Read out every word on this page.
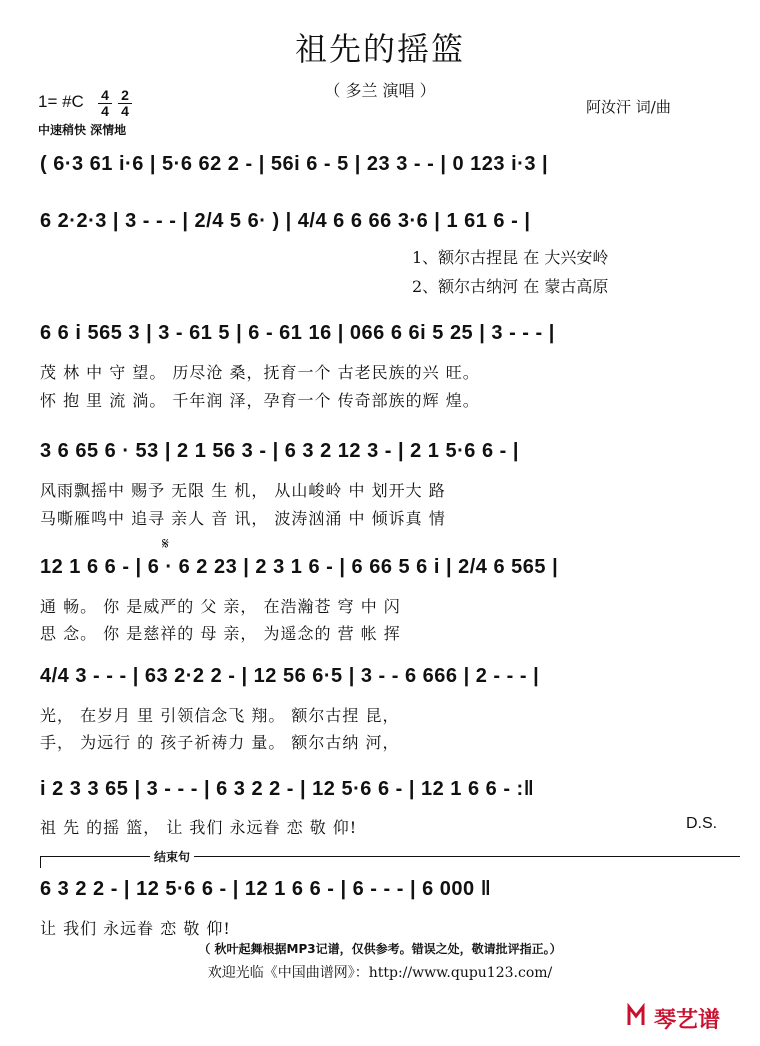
祖先的摇篮
（ 多兰 演唱 ）
1= #C 4
4
2
4
中速稍快 深情地
阿汝汗 词/曲
( 6·3 61 i·6 | 5·6 62 2 - | 56i 6 - 5 | 23 3 - - | 0 123 i·3 |
6 2·2·3 | 3 - - - | 2/4 5 6· ) | 4/4 6 6 66 3·6 | 1 61 6 - |
1、额尔古捏昆 在 大兴安岭
2、额尔古纳河 在 蒙古高原
6 6 i 565 3 | 3 - 61 5 | 6 - 61 16 | 066 6 6i 5 25 | 3 - - - |
茂 林 中 守 望。 历尽沧 桑，抚育一个 古老民族的兴 旺。
怀 抱 里 流 淌。 千年润 泽，孕育一个 传奇部族的辉 煌。
3 6 65 6 · 53 | 2 1 56 3 - | 6 3 2 12 3 - | 2 1 5·6 6 - |
风雨飘摇中 赐予 无限 生 机， 从山峻岭 中 划开大 路
马嘶雁鸣中 追寻 亲人 音 讯， 波涛汹涌 中 倾诉真 情
𝄋
12 1 6 6 - | 6 · 6 2 23 | 2 3 1 6 - | 6 66 5 6 i | 2/4 6 565 |
通 畅。 你 是威严的 父 亲， 在浩瀚苍 穹 中 闪
思 念。 你 是慈祥的 母 亲， 为遥念的 营 帐 挥
4/4 3 - - - | 63 2·2 2 - | 12 56 6·5 | 3 - - 6 666 | 2 - - - |
光， 在岁月 里 引领信念飞 翔。 额尔古捏 昆，
手， 为远行 的 孩子祈祷力 量。 额尔古纳 河，
i 2 3 3 65 | 3 - - - | 6 3 2 2 - | 12 5·6 6 - | 12 1 6 6 - :‖
祖 先 的摇 篮， 让 我们 永远眷 恋 敬 仰!	D.S.
结束句
6 3 2 2 - | 12 5·6 6 - | 12 1 6 6 - | 6 - - - | 6 000 ‖
让 我们 永远眷 恋 敬 仰!
（ 秋叶起舞根据MP3记谱，仅供参考。错误之处，敬请批评指正。）
欢迎光临《中国曲谱网》：http://www.qupu123.com/
琴艺谱
